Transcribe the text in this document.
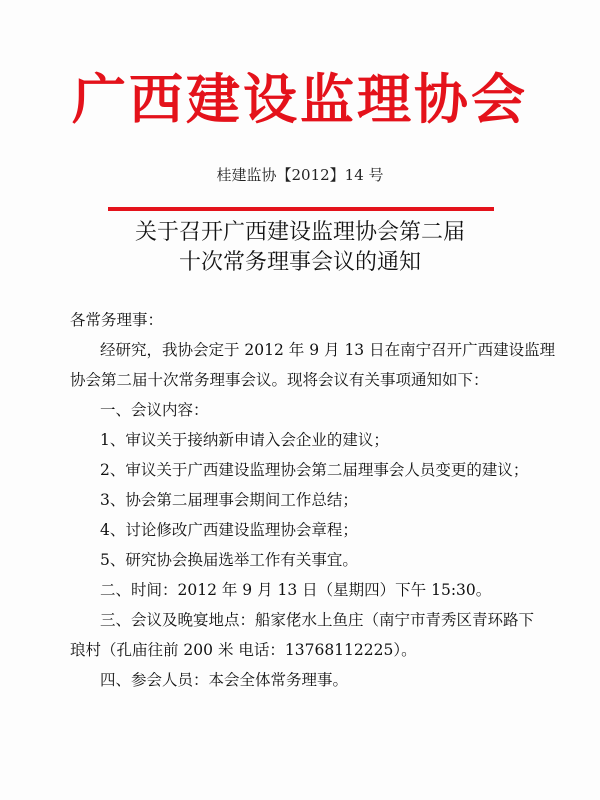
广西建设监理协会
桂建监协【2012】14 号
关于召开广西建设监理协会第二届
十次常务理事会议的通知
各常务理事：
经研究，我协会定于 2012 年 9 月 13 日在南宁召开广西建设监理
协会第二届十次常务理事会议。现将会议有关事项通知如下：
一、会议内容：
1、审议关于接纳新申请入会企业的建议；
2、审议关于广西建设监理协会第二届理事会人员变更的建议；
3、协会第二届理事会期间工作总结；
4、讨论修改广西建设监理协会章程；
5、研究协会换届选举工作有关事宜。
二、时间：2012 年 9 月 13 日（星期四）下午 15:30。
三、会议及晚宴地点：船家佬水上鱼庄（南宁市青秀区青环路下
琅村（孔庙往前 200 米 电话：13768112225）。
四、参会人员：本会全体常务理事。
